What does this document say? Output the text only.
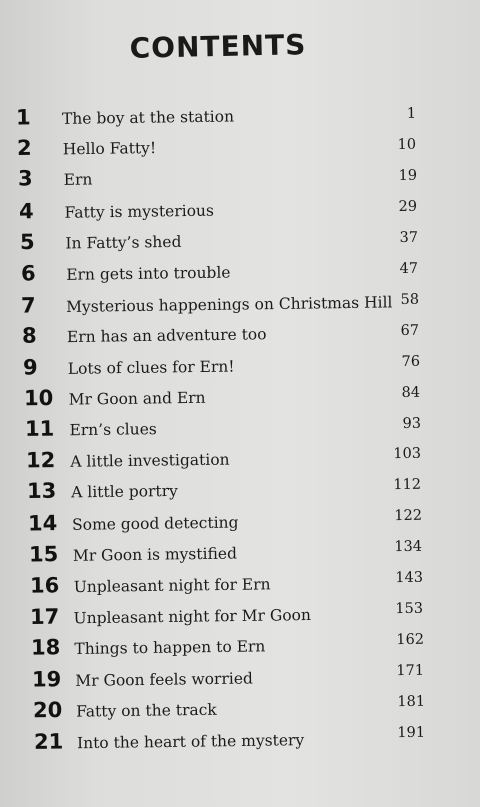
CONTENTS
1	The boy at the station	1
2	Hello Fatty!	10
3	Ern	19
4	Fatty is mysterious	29
5	In Fatty’s shed	37
6	Ern gets into trouble	47
7	Mysterious happenings on Christmas Hill 58
8	Ern has an adventure too	67
9	Lots of clues for Ern!	76
10 Mr Goon and Ern	84
11 Ern’s clues	93
12 A little investigation	103
13 A little portry	112
14 Some good detecting	122
15 Mr Goon is mystified	134
16 Unpleasant night for Ern	143
17 Unpleasant night for Mr Goon	153
18 Things to happen to Ern	162
19 Mr Goon feels worried	171
20 Fatty on the track	181
21 Into the heart of the mystery	191
